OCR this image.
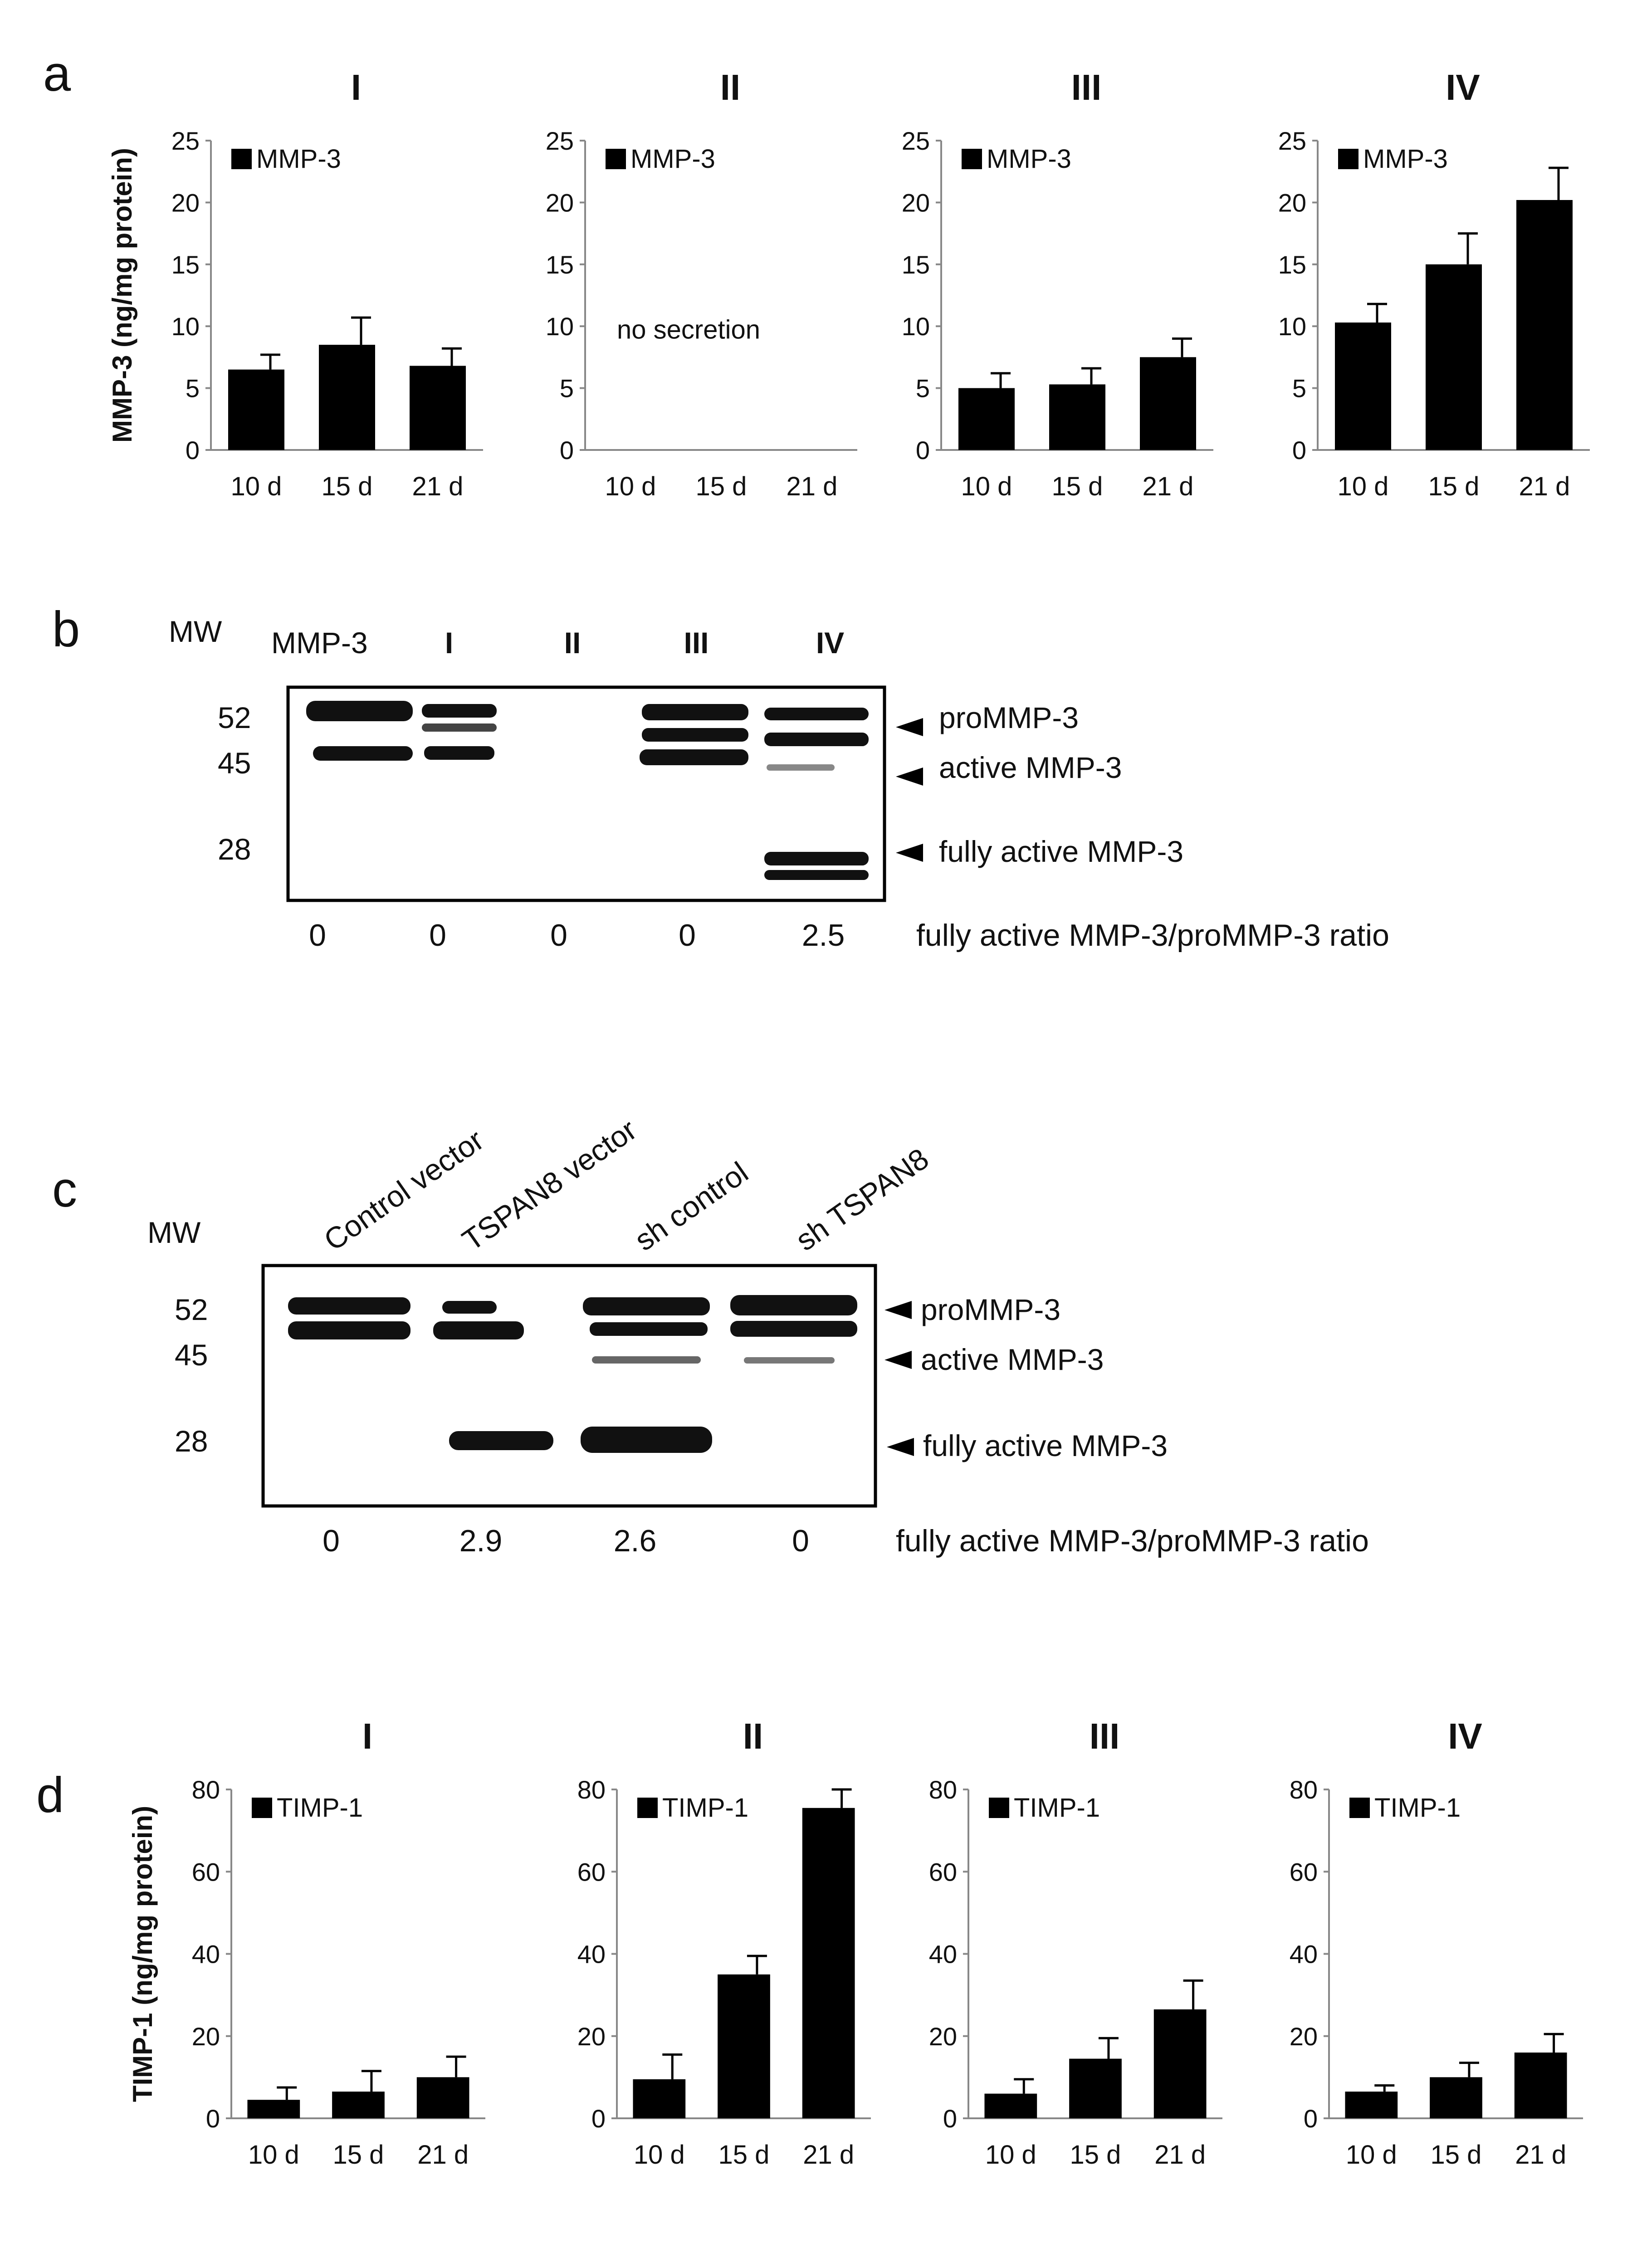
a
b
c
d
I
0
5
10
15
20
25
MMP-3 (ng/mg protein)	MMP-3
10 d 15 d 21 d
II
0
5
10
15
20
25
MMP-3
10 d 15 d 21 d
no secretion
III
0
5
10
15
20
25
MMP-3
10 d 15 d 21 d
IV
0
5
10
15
20
25
MMP-3
10 d 15 d 21 d
I
0
20
40
60
80
TIMP-1 (ng/mg protein)	TIMP-1
10 d 15 d 21 d
II
0
20
40
60
80
TIMP-1
10 d 15 d 21 d
III
0
20
40
60
80
TIMP-1
10 d 15 d 21 d
IV
0
20
40
60
80
TIMP-1
10 d 15 d 21 d
MW MMP-3	I	II	III	IV
52
45
28
proMMP-3
active MMP-3
fully active MMP-3
0	0	0	0	2.5 fully active MMP-3/proMMP-3 ratio
MW	Control vector
TSPAN8 vector
sh control sh TSPAN8
52
45
28
proMMP-3
active MMP-3
fully active MMP-3
0	2.9	2.6	0	fully active MMP-3/proMMP-3 ratio
